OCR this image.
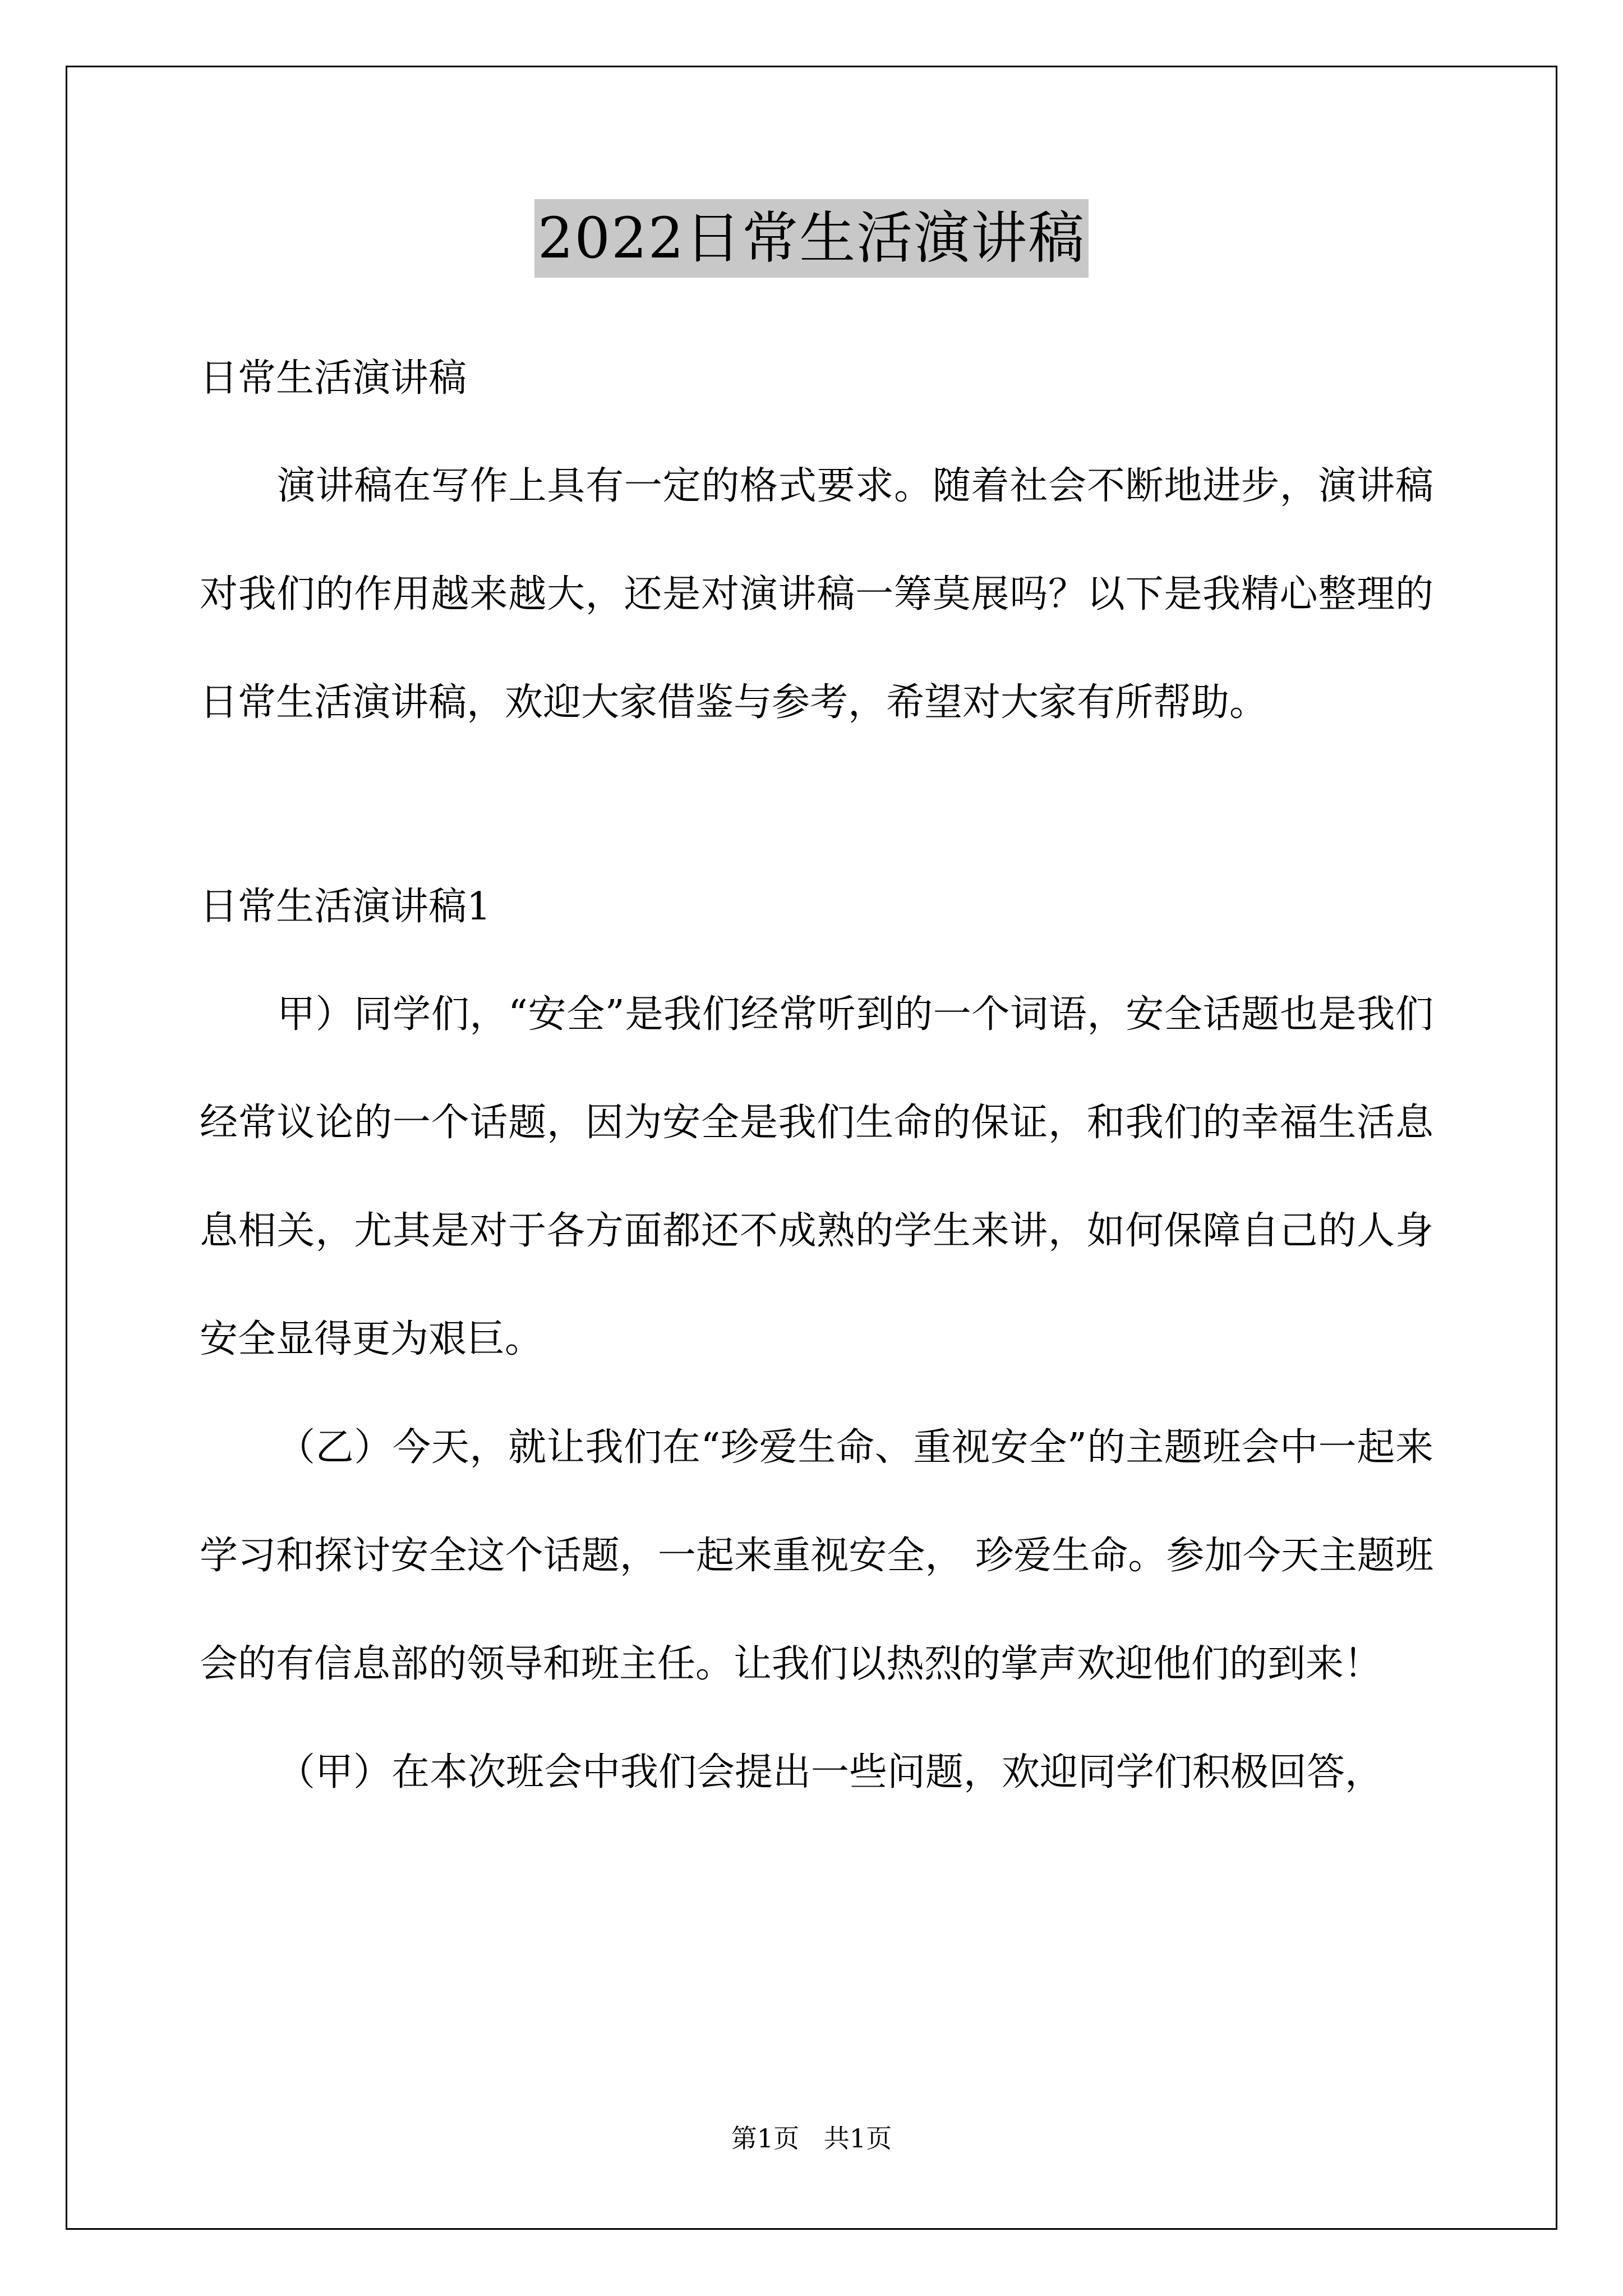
2022日常生活演讲稿

日常生活演讲稿

演讲稿在写作上具有一定的格式要求。随着社会不断地进步，演讲稿对我们的作用越来越大，还是对演讲稿一筹莫展吗？以下是我精心整理的日常生活演讲稿，欢迎大家借鉴与参考，希望对大家有所帮助。

日常生活演讲稿1

甲）同学们，“安全”是我们经常听到的一个词语，安全话题也是我们经常议论的一个话题，因为安全是我们生命的保证，和我们的幸福生活息息相关，尤其是对于各方面都还不成熟的学生来讲，如何保障自己的人身安全显得更为艰巨。

（乙）今天，就让我们在“珍爱生命、重视安全”的主题班会中一起来学习和探讨安全这个话题，一起来重视安全， 珍爱生命。参加今天主题班会的有信息部的领导和班主任。让我们以热烈的掌声欢迎他们的到来！

（甲）在本次班会中我们会提出一些问题，欢迎同学们积极回答，

第1页   共1页
